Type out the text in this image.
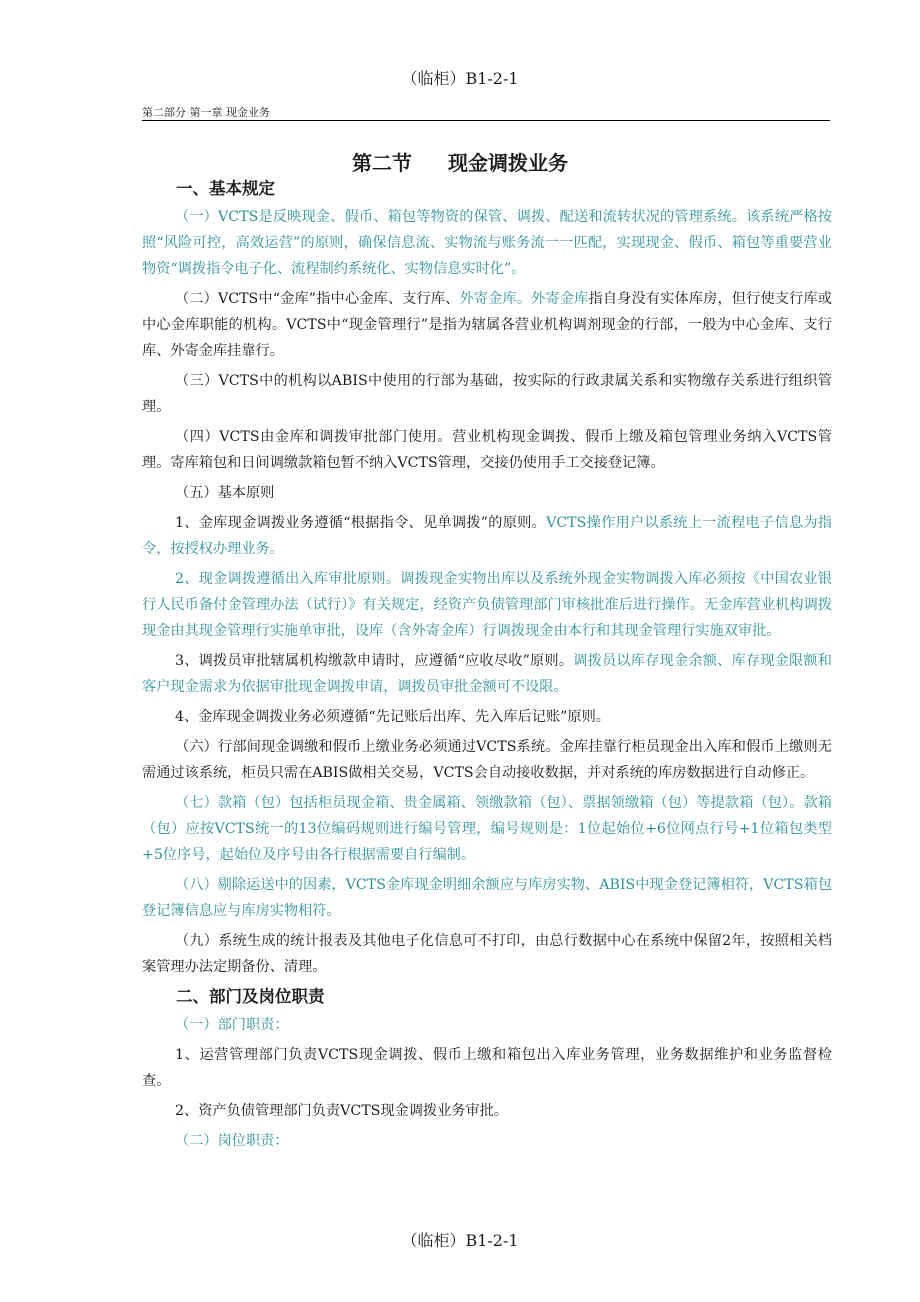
（临柜）B1-2-1
第二部分 第一章 现金业务
第二节 现金调拨业务
一、基本规定

（一）VCTS是反映现金、假币、箱包等物资的保管、调拨、配送和流转状况的管理系统。该系统严格按照“风险可控，高效运营”的原则，确保信息流、实物流与账务流一一匹配，实现现金、假币、箱包等重要营业物资“调拨指令电子化、流程制约系统化、实物信息实时化”。

（二）VCTS中“金库”指中心金库、支行库、外寄金库。外寄金库指自身没有实体库房，但行使支行库或中心金库职能的机构。VCTS中“现金管理行”是指为辖属各营业机构调剂现金的行部，一般为中心金库、支行库、外寄金库挂靠行。

（三）VCTS中的机构以ABIS中使用的行部为基础，按实际的行政隶属关系和实物缴存关系进行组织管理。

（四）VCTS由金库和调拨审批部门使用。营业机构现金调拨、假币上缴及箱包管理业务纳入VCTS管理。寄库箱包和日间调缴款箱包暂不纳入VCTS管理，交接仍使用手工交接登记簿。

（五）基本原则

1、金库现金调拨业务遵循“根据指令、见单调拨”的原则。VCTS操作用户以系统上一流程电子信息为指令，按授权办理业务。

2、现金调拨遵循出入库审批原则。调拨现金实物出库以及系统外现金实物调拨入库必须按《中国农业银行人民币备付金管理办法（试行）》有关规定，经资产负债管理部门审核批准后进行操作。无金库营业机构调拨现金由其现金管理行实施单审批，设库（含外寄金库）行调拨现金由本行和其现金管理行实施双审批。

3、调拨员审批辖属机构缴款申请时，应遵循“应收尽收”原则。调拨员以库存现金余额、库存现金限额和客户现金需求为依据审批现金调拨申请，调拨员审批金额可不设限。

4、金库现金调拨业务必须遵循“先记账后出库、先入库后记账”原则。

（六）行部间现金调缴和假币上缴业务必须通过VCTS系统。金库挂靠行柜员现金出入库和假币上缴则无需通过该系统，柜员只需在ABIS做相关交易，VCTS会自动接收数据，并对系统的库房数据进行自动修正。

（七）款箱（包）包括柜员现金箱、贵金属箱、领缴款箱（包）、票据领缴箱（包）等提款箱（包）。款箱（包）应按VCTS统一的13位编码规则进行编号管理，编号规则是：1位起始位+6位网点行号+1位箱包类型+5位序号，起始位及序号由各行根据需要自行编制。

（八）剔除运送中的因素，VCTS金库现金明细余额应与库房实物、ABIS中现金登记簿相符，VCTS箱包登记簿信息应与库房实物相符。

（九）系统生成的统计报表及其他电子化信息可不打印，由总行数据中心在系统中保留2年，按照相关档案管理办法定期备份、清理。

二、部门及岗位职责

（一）部门职责：

1、运营管理部门负责VCTS现金调拨、假币上缴和箱包出入库业务管理，业务数据维护和业务监督检查。

2、资产负债管理部门负责VCTS现金调拨业务审批。

（二）岗位职责：

（临柜）B1-2-1
